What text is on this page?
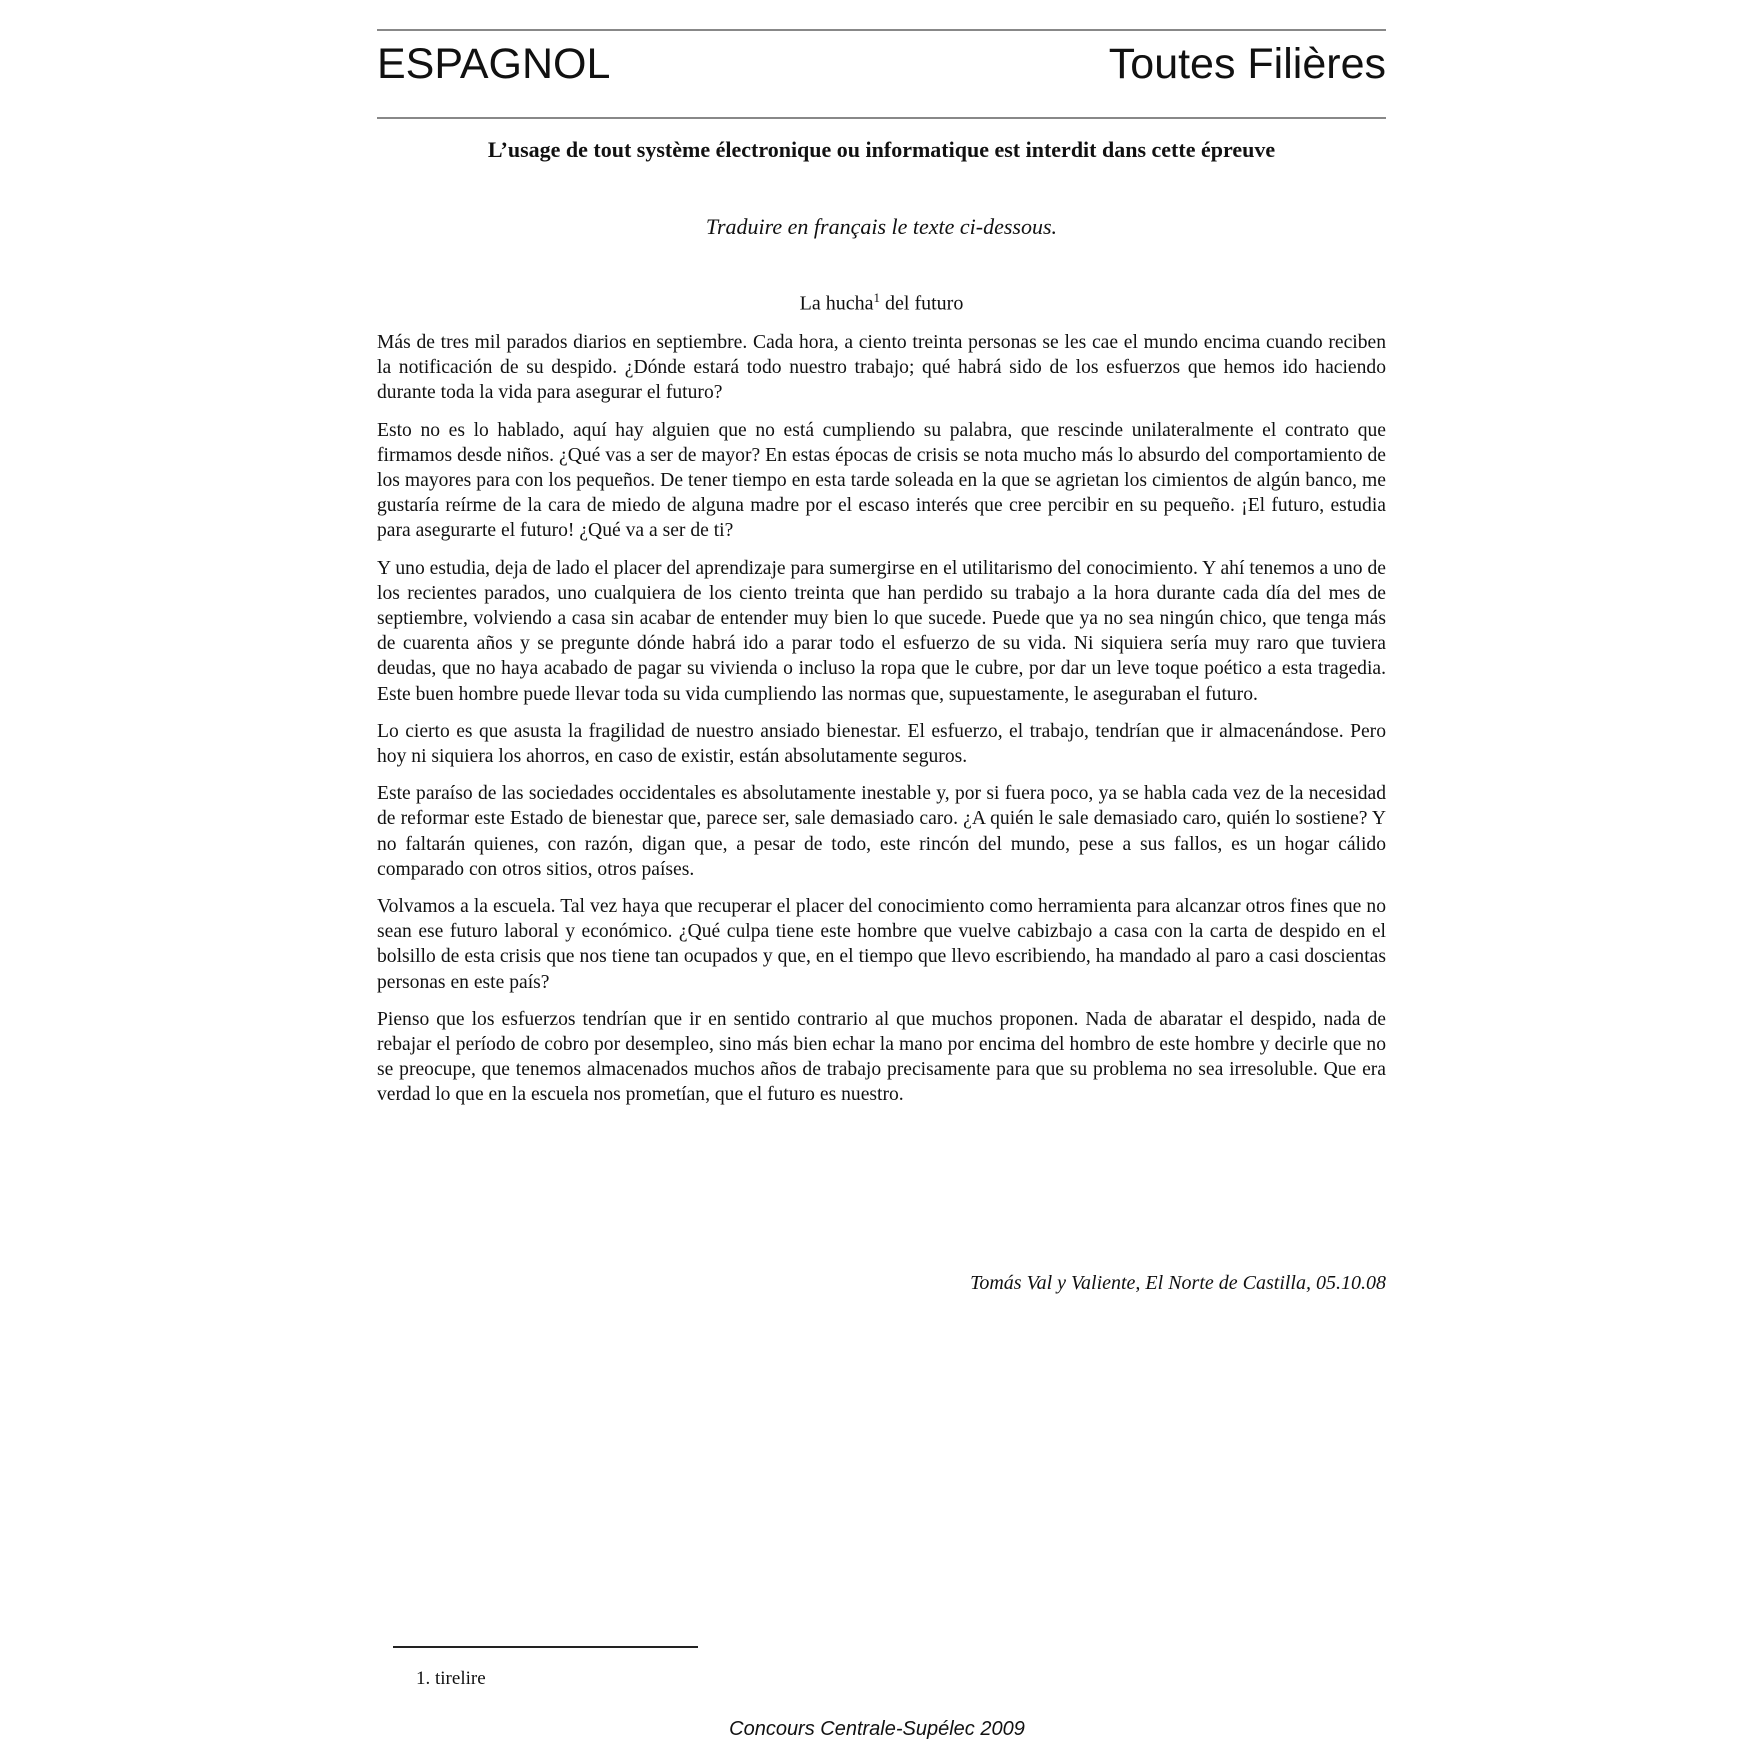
ESPAGNOL	Toutes Filières
L’usage de tout système électronique ou informatique est interdit dans cette épreuve
Traduire en français le texte ci-dessous.
La hucha$^1$ del futuro

Más de tres mil parados diarios en septiembre. Cada hora, a ciento treinta personas se les cae el mundo encima cuando reciben la notificación de su despido. ¿Dónde estará todo nuestro trabajo; qué habrá sido de los esfuerzos que hemos ido haciendo durante toda la vida para asegurar el futuro?

Esto no es lo hablado, aquí hay alguien que no está cumpliendo su palabra, que rescinde unilateralmente el contrato que firmamos desde niños. ¿Qué vas a ser de mayor? En estas épocas de crisis se nota mucho más lo absurdo del comportamiento de los mayores para con los pequeños. De tener tiempo en esta tarde soleada en la que se agrietan los cimientos de algún banco, me gustaría reírme de la cara de miedo de alguna madre por el escaso interés que cree percibir en su pequeño. ¡El futuro, estudia para asegurarte el futuro! ¿Qué va a ser de ti?

Y uno estudia, deja de lado el placer del aprendizaje para sumergirse en el utilitarismo del conocimiento. Y ahí tenemos a uno de los recientes parados, uno cualquiera de los ciento treinta que han perdido su trabajo a la hora durante cada día del mes de septiembre, volviendo a casa sin acabar de entender muy bien lo que sucede. Puede que ya no sea ningún chico, que tenga más de cuarenta años y se pregunte dónde habrá ido a parar todo el esfuerzo de su vida. Ni siquiera sería muy raro que tuviera deudas, que no haya acabado de pagar su vivienda o incluso la ropa que le cubre, por dar un leve toque poético a esta tragedia. Este buen hombre puede llevar toda su vida cumpliendo las normas que, supuestamente, le aseguraban el futuro.

Lo cierto es que asusta la fragilidad de nuestro ansiado bienestar. El esfuerzo, el trabajo, tendrían que ir almacenándose. Pero hoy ni siquiera los ahorros, en caso de existir, están absolutamente seguros.

Este paraíso de las sociedades occidentales es absolutamente inestable y, por si fuera poco, ya se habla cada vez de la necesidad de reformar este Estado de bienestar que, parece ser, sale demasiado caro. ¿A quién le sale demasiado caro, quién lo sostiene? Y no faltarán quienes, con razón, digan que, a pesar de todo, este rincón del mundo, pese a sus fallos, es un hogar cálido comparado con otros sitios, otros países.

Volvamos a la escuela. Tal vez haya que recuperar el placer del conocimiento como herramienta para alcanzar otros fines que no sean ese futuro laboral y económico. ¿Qué culpa tiene este hombre que vuelve cabizbajo a casa con la carta de despido en el bolsillo de esta crisis que nos tiene tan ocupados y que, en el tiempo que llevo escribiendo, ha mandado al paro a casi doscientas personas en este país?

Pienso que los esfuerzos tendrían que ir en sentido contrario al que muchos proponen. Nada de abaratar el despido, nada de rebajar el período de cobro por desempleo, sino más bien echar la mano por encima del hombro de este hombre y decirle que no se preocupe, que tenemos almacenados muchos años de trabajo precisamente para que su problema no sea irresoluble. Que era verdad lo que en la escuela nos prometían, que el futuro es nuestro.

Tomás Val y Valiente, El Norte de Castilla, 05.10.08
1. tirelire
Concours Centrale-Supélec 2009
